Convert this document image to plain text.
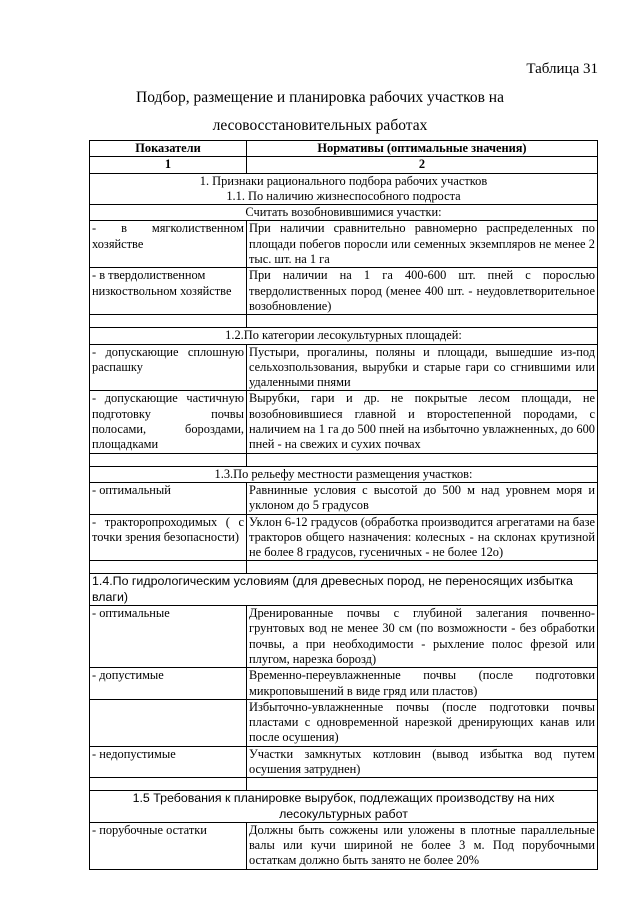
Таблица 31
Подбор, размещение и планировка рабочих участков на
лесовосстановительных работах
Показатели	Нормативы (оптимальные значения)
1	2

1. Признаки рационального подбора рабочих участков
1.1. По наличию жизнеспособного подроста	

Считать возобновившимися участки:	
- в мягколиственном хозяйстве	При наличии сравнительно равномерно распределенных по площади побегов поросли или семенных экземпляров не менее 2 тыс. шт. на 1 га
- в твердолиственном низкоствольном хозяйстве	При наличии на 1 га 400-600 шт. пней с порослью твердолиственных пород (менее 400 шт. - неудовлетворительное возобновление)

1.2.По категории лесокультурных площадей:	
- допускающие сплошную распашку	Пустыри, прогалины, поляны и площади, вышедшие из-под сельхозпользования, вырубки и старые гари со сгнившими или удаленными пнями
- допускающие частичную подготовку почвы полосами, бороздами, площадками	Вырубки, гари и др. не покрытые лесом площади, не возобновившиеся главной и второстепенной породами, с наличием на 1 га до 500 пней на избыточно увлажненных, до 600 пней - на свежих и сухих почвах

1.3.По рельефу местности размещения участков:	
- оптимальный	Равнинные условия с высотой до 500 м над уровнем моря и уклоном до 5 градусов
- тракторопроходимых ( с точки зрения безопасности)	Уклон 6-12 градусов (обработка производится агрегатами на базе тракторов общего назначения: колесных - на склонах крутизной не более 8 градусов, гусеничных - не более 12о)

1.4.По гидрологическим условиям (для древесных пород, не переносящих избытка влаги)	
- оптимальные	Дренированные почвы с глубиной залегания почвенно-грунтовых вод не менее 30 см (по возможности - без обработки почвы, а при необходимости - рыхление полос фрезой или плугом, нарезка борозд)
- допустимые	Временно-переувлажненные почвы (после подготовки микроповышений в виде гряд или пластов)
	Избыточно-увлажненные почвы (после подготовки почвы пластами с одновременной нарезкой дренирующих канав или после осушения)
- недопустимые	Участки замкнутых котловин (вывод избытка вод путем осушения затруднен)

1.5 Требования к планировке вырубок, подлежащих производству на них лесокультурных работ	
- порубочные остатки	Должны быть сожжены или уложены в плотные параллельные валы или кучи шириной не более 3 м. Под порубочными остаткам должно быть занято не более 20%
